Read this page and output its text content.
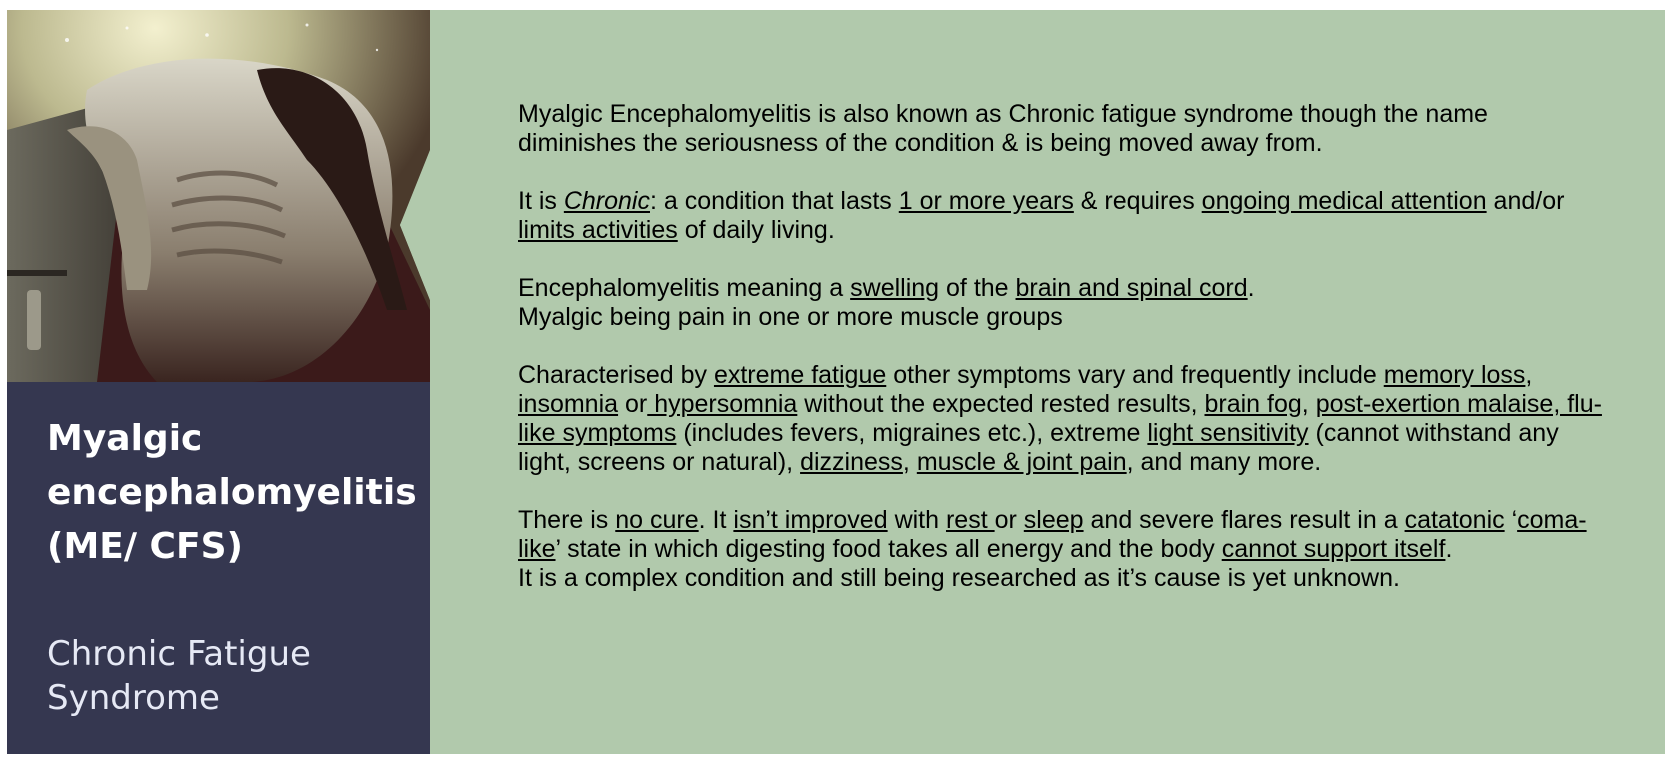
Myalgic
encephalomyelitis
(ME/ CFS)
Chronic Fatigue
Syndrome

Myalgic Encephalomyelitis is also known as Chronic fatigue syndrome though the name diminishes the seriousness of the condition & is being moved away from.

It is Chronic: a condition that lasts 1 or more years & requires ongoing medical attention and/or limits activities of daily living.

Encephalomyelitis meaning a swelling of the brain and spinal cord.
Myalgic being pain in one or more muscle groups

Characterised by extreme fatigue other symptoms vary and frequently include memory loss, insomnia or hypersomnia without the expected rested results, brain fog, post-exertion malaise, flu-like symptoms (includes fevers, migraines etc.), extreme light sensitivity (cannot withstand any light, screens or natural), dizziness, muscle & joint pain, and many more.

There is no cure. It isn’t improved with rest or sleep and severe flares result in a catatonic ‘coma-like’ state in which digesting food takes all energy and the body cannot support itself.
It is a complex condition and still being researched as it’s cause is yet unknown.
